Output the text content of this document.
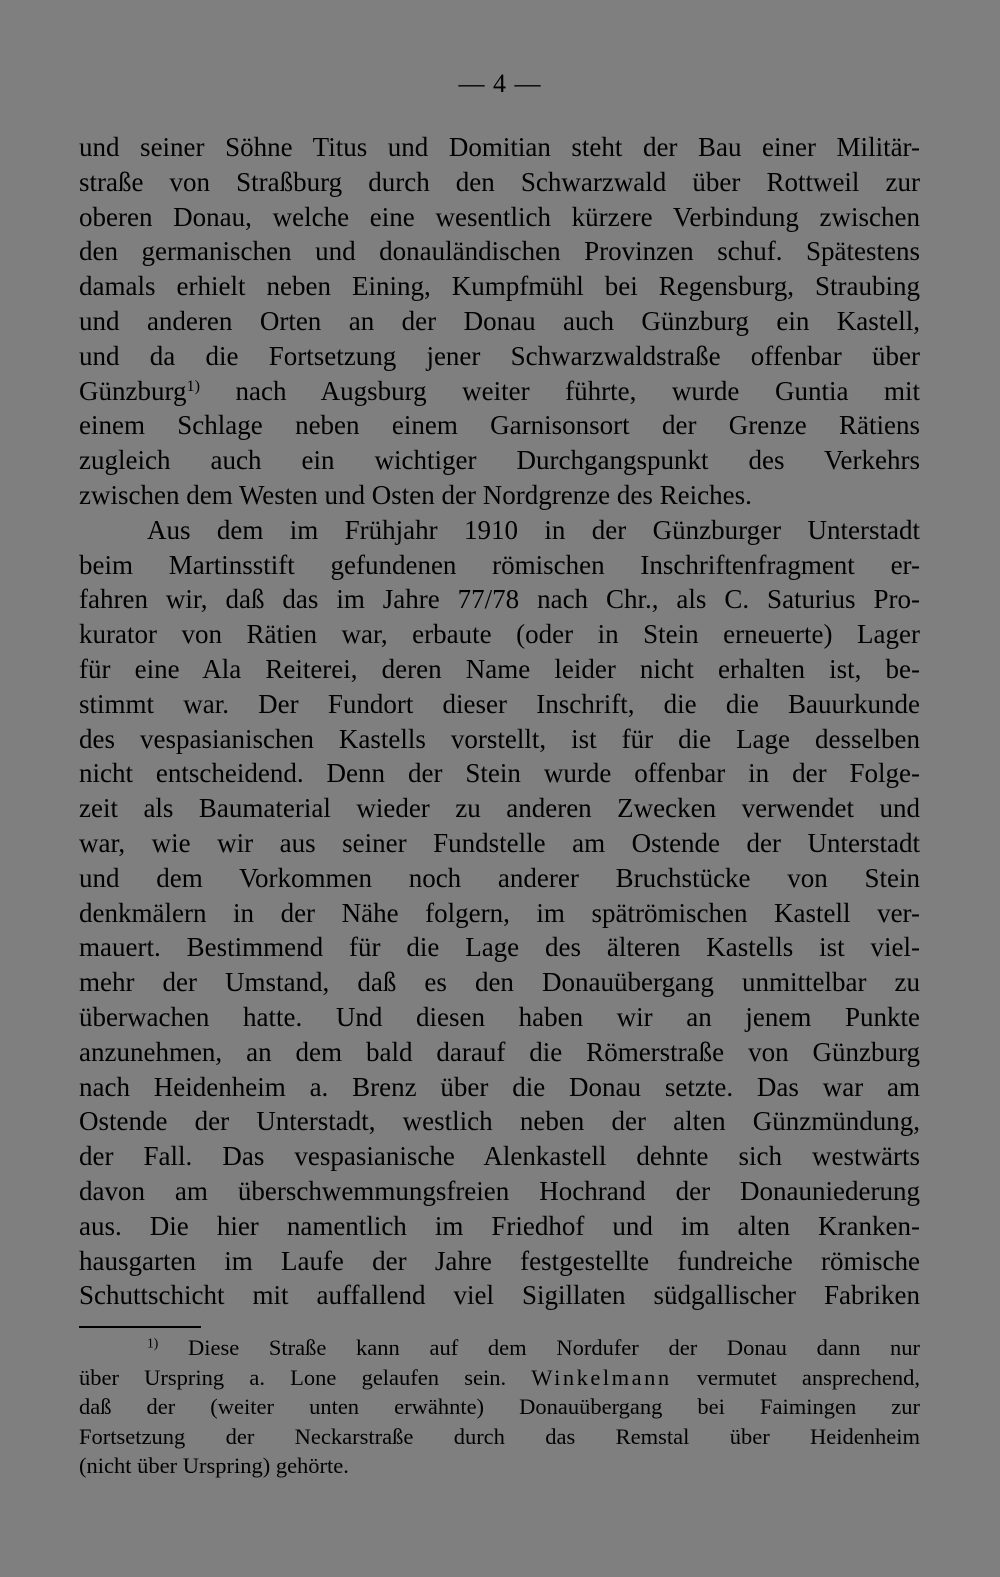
— 4 —
und seiner Söhne Titus und Domitian steht der Bau einer Militär-
straße von Straßburg durch den Schwarzwald über Rottweil zur
oberen Donau, welche eine wesentlich kürzere Verbindung zwischen
den germanischen und donauländischen Provinzen schuf. Spätestens
damals erhielt neben Eining, Kumpfmühl bei Regensburg, Straubing
und anderen Orten an der Donau auch Günzburg ein Kastell,
und da die Fortsetzung jener Schwarzwaldstraße offenbar über
Günzburg$^{1)}$ nach Augsburg weiter führte, wurde Guntia mit
einem Schlage neben einem Garnisonsort der Grenze Rätiens
zugleich auch ein wichtiger Durchgangspunkt des Verkehrs
zwischen dem Westen und Osten der Nordgrenze des Reiches.
Aus dem im Frühjahr 1910 in der Günzburger Unterstadt
beim Martinsstift gefundenen römischen Inschriftenfragment er-
fahren wir, daß das im Jahre 77/78 nach Chr., als C. Saturius Pro-
kurator von Rätien war, erbaute (oder in Stein erneuerte) Lager
für eine Ala Reiterei, deren Name leider nicht erhalten ist, be-
stimmt war. Der Fundort dieser Inschrift, die die Bauurkunde
des vespasianischen Kastells vorstellt, ist für die Lage desselben
nicht entscheidend. Denn der Stein wurde offenbar in der Folge-
zeit als Baumaterial wieder zu anderen Zwecken verwendet und
war, wie wir aus seiner Fundstelle am Ostende der Unterstadt
und dem Vorkommen noch anderer Bruchstücke von Stein
denkmälern in der Nähe folgern, im spätrömischen Kastell ver-
mauert. Bestimmend für die Lage des älteren Kastells ist viel-
mehr der Umstand, daß es den Donauübergang unmittelbar zu
überwachen hatte. Und diesen haben wir an jenem Punkte
anzunehmen, an dem bald darauf die Römerstraße von Günzburg
nach Heidenheim a. Brenz über die Donau setzte. Das war am
Ostende der Unterstadt, westlich neben der alten Günzmündung,
der Fall. Das vespasianische Alenkastell dehnte sich westwärts
davon am überschwemmungsfreien Hochrand der Donauniederung
aus. Die hier namentlich im Friedhof und im alten Kranken-
hausgarten im Laufe der Jahre festgestellte fundreiche römische
Schuttschicht mit auffallend viel Sigillaten südgallischer Fabriken
$^{1)}$ Diese Straße kann auf dem Nordufer der Donau dann nur
über Urspring a. Lone gelaufen sein. Winkelmann vermutet ansprechend,
daß der (weiter unten erwähnte) Donauübergang bei Faimingen zur
Fortsetzung der Neckarstraße durch das Remstal über Heidenheim
(nicht über Urspring) gehörte.
